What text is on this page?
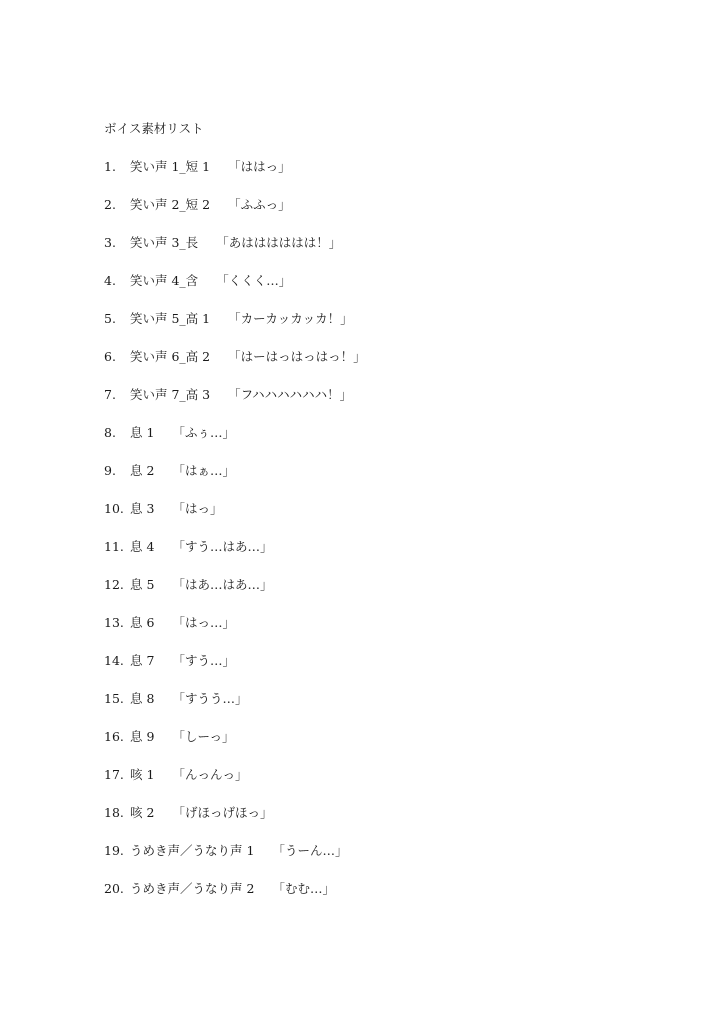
ボイス素材リスト
1.	笑い声 1_短 1 「ははっ」
2.	笑い声 2_短 2 「ふふっ」
3.	笑い声 3_長 「あはははははは！」
4.	笑い声 4_含 「くくく…」
5.	笑い声 5_高 1 「カーカッカッカ！」
6.	笑い声 6_高 2 「はーはっはっはっ！」
7.	笑い声 7_高 3 「フハハハハハハ！」
8.	息 1 「ふぅ…」
9.	息 2 「はぁ…」
10. 息 3 「はっ」
11. 息 4 「すう…はあ…」
12. 息 5 「はあ…はあ…」
13. 息 6 「はっ…」
14. 息 7 「すう…」
15. 息 8 「すうう…」
16. 息 9 「しーっ」
17. 咳 1 「んっんっ」
18. 咳 2 「げほっげほっ」
19. うめき声／うなり声 1 「うーん…」
20. うめき声／うなり声 2 「むむ…」
